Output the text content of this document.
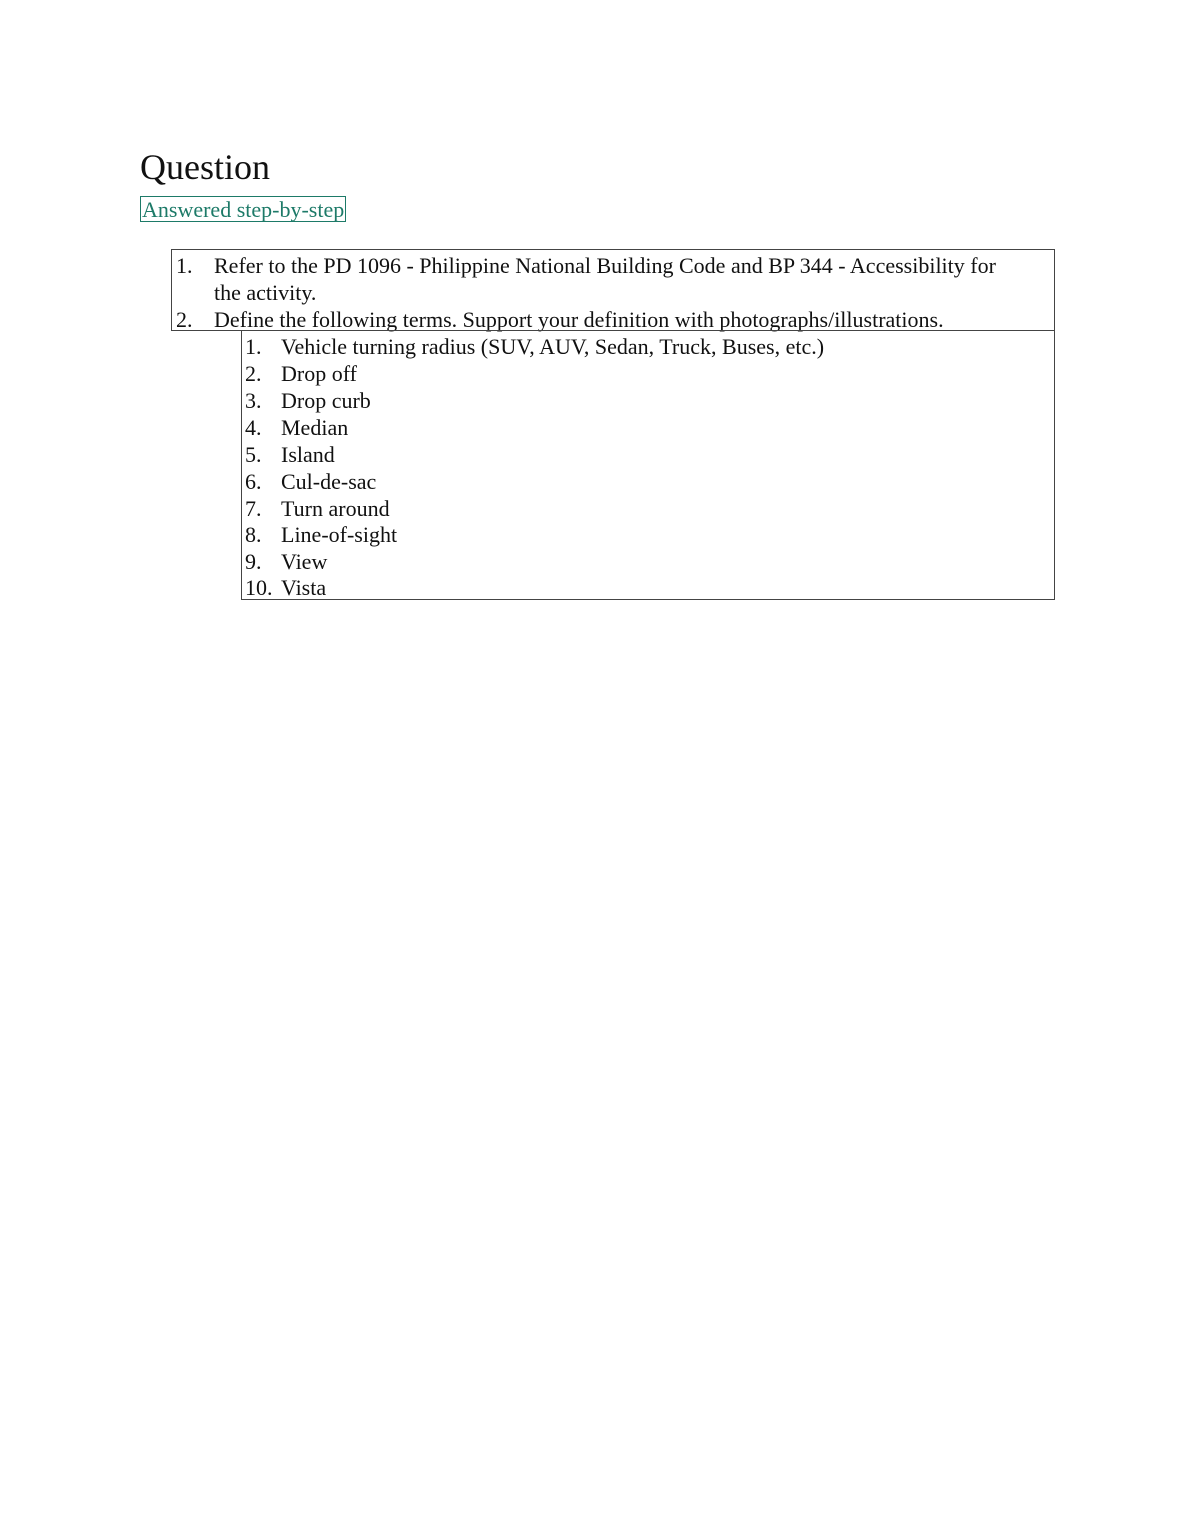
Question
Answered step-by-step
1. Refer to the PD 1096 - Philippine National Building Code and BP 344 - Accessibility for
the activity.
2. Define the following terms. Support your definition with photographs/illustrations.
1. Vehicle turning radius (SUV, AUV, Sedan, Truck, Buses, etc.)
2. Drop off
3. Drop curb
4. Median
5. Island
6. Cul-de-sac
7. Turn around
8. Line-of-sight
9. View
10. Vista
